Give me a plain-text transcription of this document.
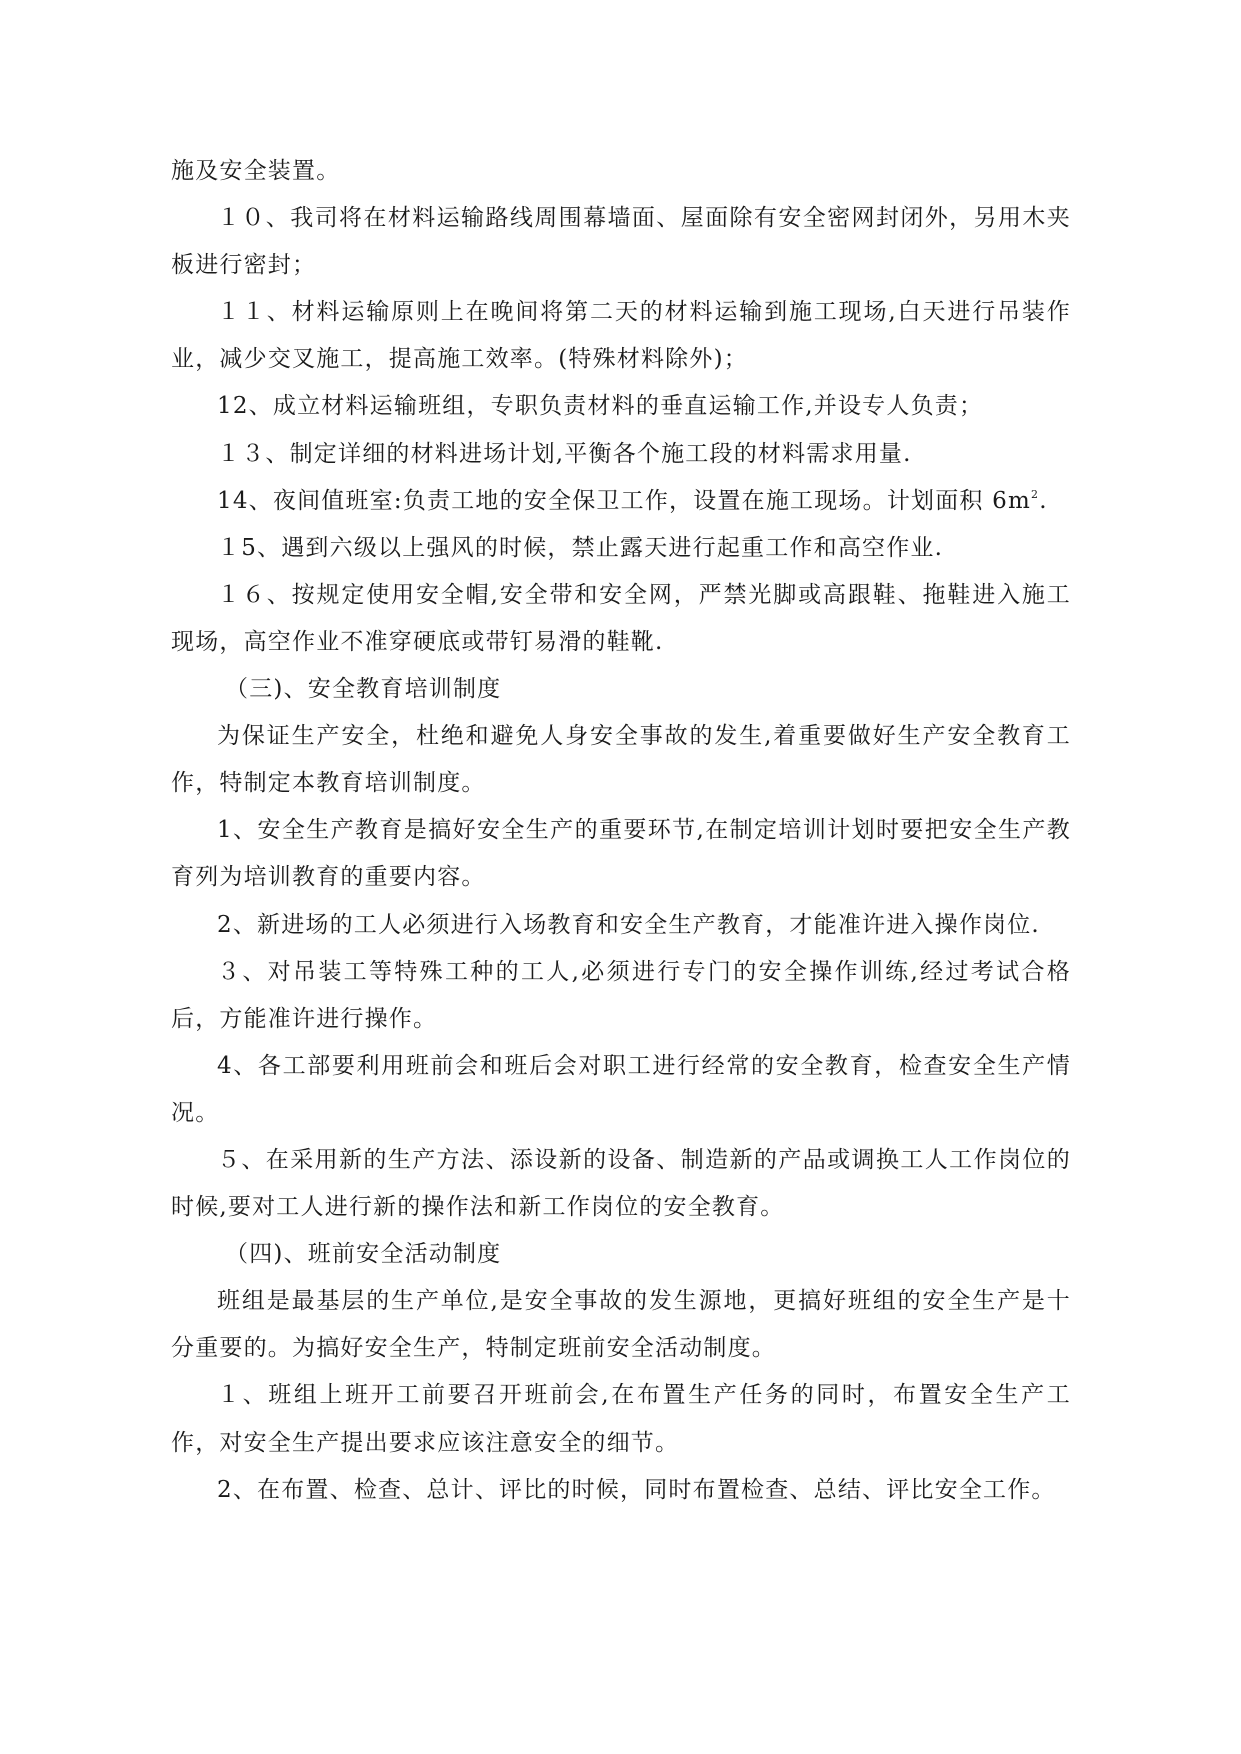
施及安全装置。

１０、我司将在材料运输路线周围幕墙面、屋面除有安全密网封闭外，另用木夹板进行密封；

１１、材料运输原则上在晚间将第二天的材料运输到施工现场,白天进行吊装作业，减少交叉施工，提高施工效率。(特殊材料除外)；

12、成立材料运输班组，专职负责材料的垂直运输工作,并设专人负责；

１３、制定详细的材料进场计划,平衡各个施工段的材料需求用量.

14、夜间值班室:负责工地的安全保卫工作，设置在施工现场。计划面积 $6m^2$.

１5、遇到六级以上强风的时候，禁止露天进行起重工作和高空作业.

１６、按规定使用安全帽,安全带和安全网，严禁光脚或高跟鞋、拖鞋进入施工现场，高空作业不准穿硬底或带钉易滑的鞋靴.

（三)、安全教育培训制度

为保证生产安全，杜绝和避免人身安全事故的发生,着重要做好生产安全教育工作，特制定本教育培训制度。

1、安全生产教育是搞好安全生产的重要环节,在制定培训计划时要把安全生产教育列为培训教育的重要内容。

2、新进场的工人必须进行入场教育和安全生产教育，才能准许进入操作岗位.

３、对吊装工等特殊工种的工人,必须进行专门的安全操作训练,经过考试合格后，方能准许进行操作。

4、各工部要利用班前会和班后会对职工进行经常的安全教育，检查安全生产情况。

５、在采用新的生产方法、添设新的设备、制造新的产品或调换工人工作岗位的时候,要对工人进行新的操作法和新工作岗位的安全教育。

（四)、班前安全活动制度

班组是最基层的生产单位,是安全事故的发生源地，更搞好班组的安全生产是十分重要的。为搞好安全生产，特制定班前安全活动制度。

１、班组上班开工前要召开班前会,在布置生产任务的同时，布置安全生产工作，对安全生产提出要求应该注意安全的细节。

2、在布置、检查、总计、评比的时候，同时布置检查、总结、评比安全工作。
